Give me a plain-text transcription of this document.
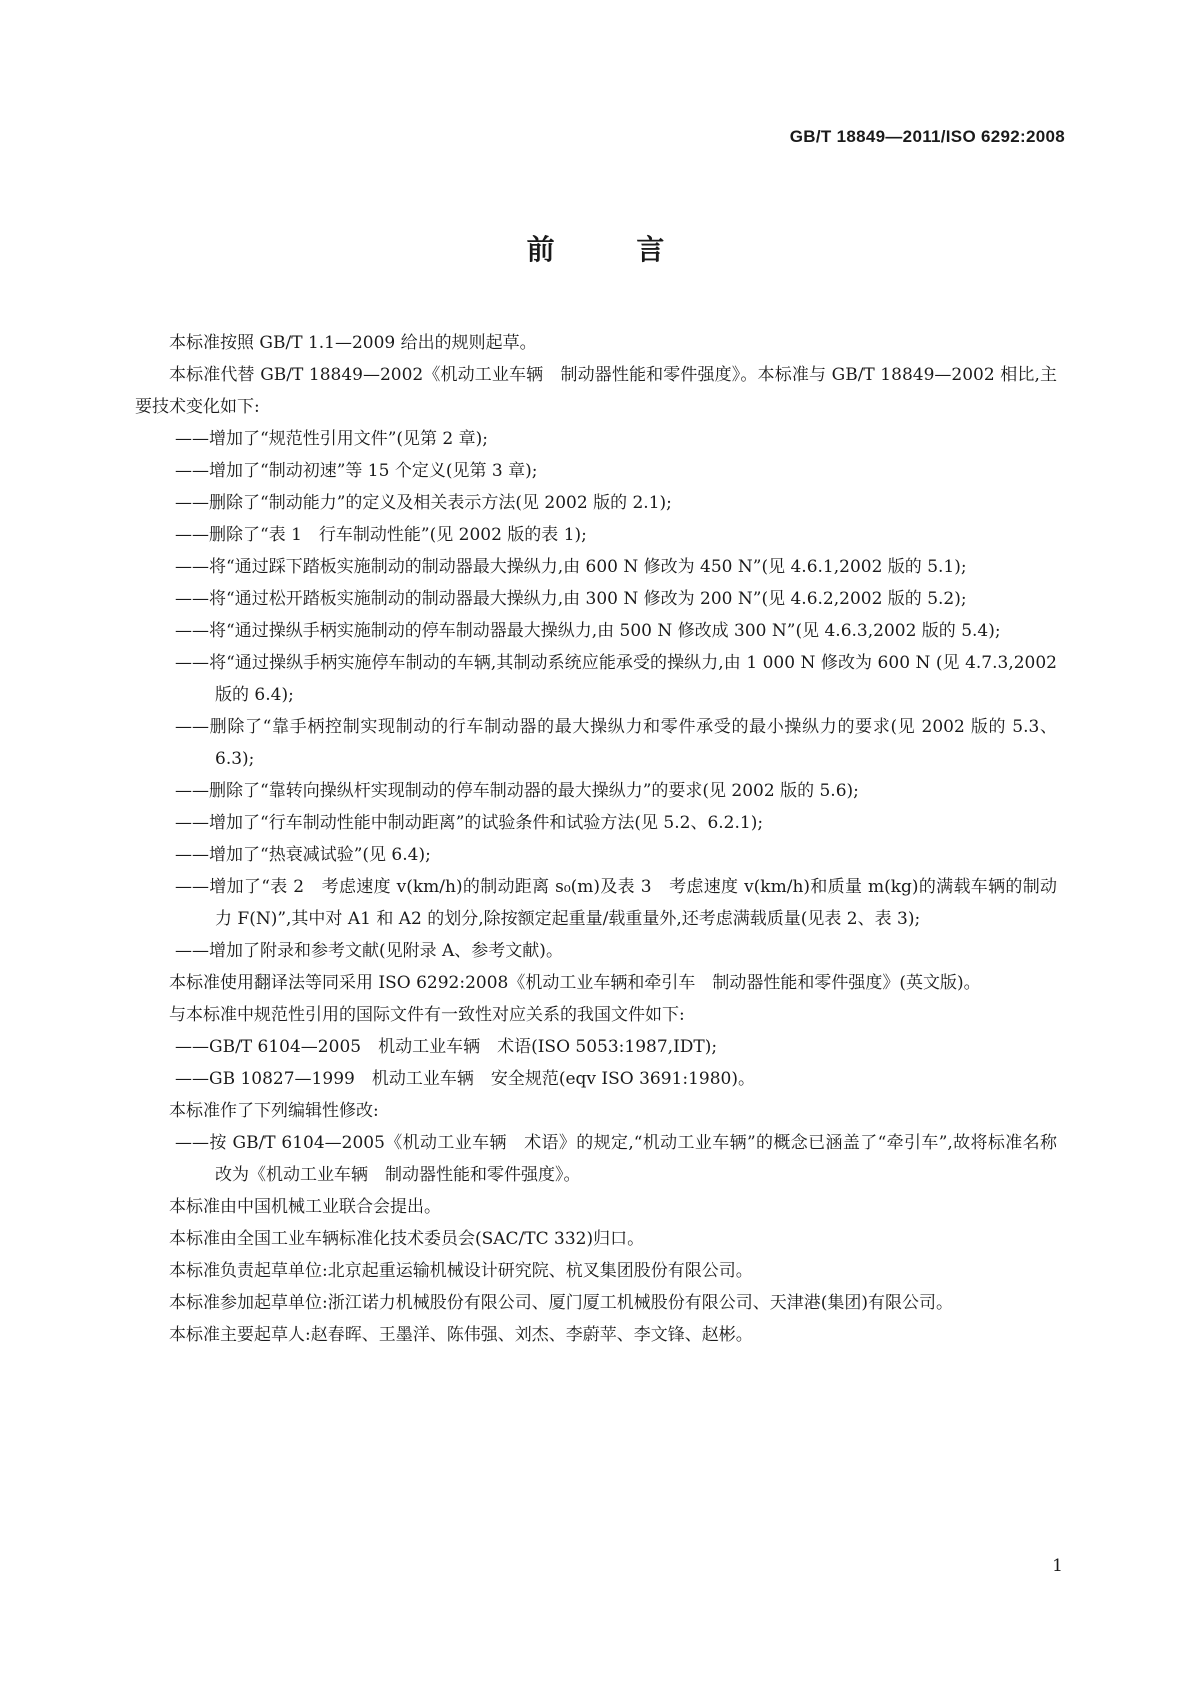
GB/T 18849—2011/ISO 6292:2008
前 言

本标准按照 GB/T 1.1—2009 给出的规则起草。

本标准代替 GB/T 18849—2002《机动工业车辆　制动器性能和零件强度》。本标准与 GB/T 18849—2002 相比,主要技术变化如下:

——增加了“规范性引用文件”(见第 2 章);

——增加了“制动初速”等 15 个定义(见第 3 章);

——删除了“制动能力”的定义及相关表示方法(见 2002 版的 2.1);

——删除了“表 1　行车制动性能”(见 2002 版的表 1);

——将“通过踩下踏板实施制动的制动器最大操纵力,由 600 N 修改为 450 N”(见 4.6.1,2002 版的 5.1);

——将“通过松开踏板实施制动的制动器最大操纵力,由 300 N 修改为 200 N”(见 4.6.2,2002 版的 5.2);

——将“通过操纵手柄实施制动的停车制动器最大操纵力,由 500 N 修改成 300 N”(见 4.6.3,2002 版的 5.4);

——将“通过操纵手柄实施停车制动的车辆,其制动系统应能承受的操纵力,由 1 000 N 修改为 600 N (见 4.7.3,2002 版的 6.4);

——删除了“靠手柄控制实现制动的行车制动器的最大操纵力和零件承受的最小操纵力的要求(见 2002 版的 5.3、6.3);

——删除了“靠转向操纵杆实现制动的停车制动器的最大操纵力”的要求(见 2002 版的 5.6);

——增加了“行车制动性能中制动距离”的试验条件和试验方法(见 5.2、6.2.1);

——增加了“热衰减试验”(见 6.4);

——增加了“表 2　考虑速度 v(km/h)的制动距离 s₀(m)及表 3　考虑速度 v(km/h)和质量 m(kg)的满载车辆的制动力 F(N)”,其中对 A1 和 A2 的划分,除按额定起重量/载重量外,还考虑满载质量(见表 2、表 3);

——增加了附录和参考文献(见附录 A、参考文献)。

本标准使用翻译法等同采用 ISO 6292:2008《机动工业车辆和牵引车　制动器性能和零件强度》(英文版)。

与本标准中规范性引用的国际文件有一致性对应关系的我国文件如下:

——GB/T 6104—2005　机动工业车辆　术语(ISO 5053:1987,IDT);

——GB 10827—1999　机动工业车辆　安全规范(eqv ISO 3691:1980)。

本标准作了下列编辑性修改:

——按 GB/T 6104—2005《机动工业车辆　术语》的规定,“机动工业车辆”的概念已涵盖了“牵引车”,故将标准名称改为《机动工业车辆　制动器性能和零件强度》。

本标准由中国机械工业联合会提出。

本标准由全国工业车辆标准化技术委员会(SAC/TC 332)归口。

本标准负责起草单位:北京起重运输机械设计研究院、杭叉集团股份有限公司。

本标准参加起草单位:浙江诺力机械股份有限公司、厦门厦工机械股份有限公司、天津港(集团)有限公司。

本标准主要起草人:赵春晖、王墨洋、陈伟强、刘杰、李蔚苹、李文锋、赵彬。

1
